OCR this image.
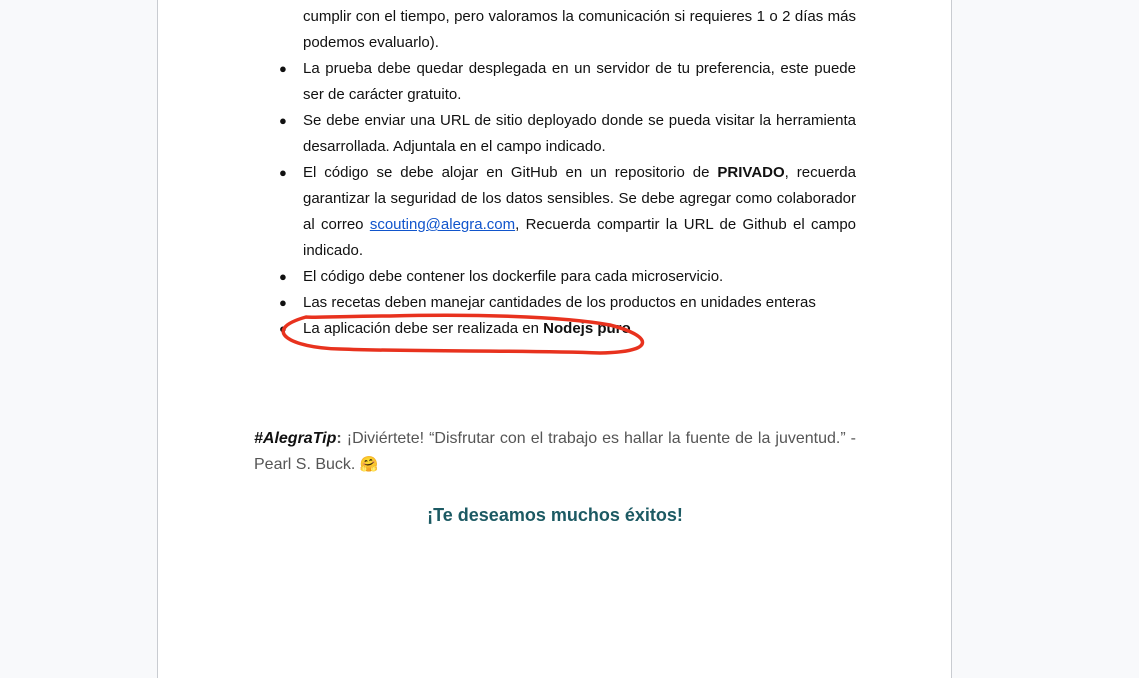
cumplir con el tiempo, pero valoramos la comunicación si requieres 1 o 2 días más podemos evaluarlo).
● La prueba debe quedar desplegada en un servidor de tu preferencia, este puede ser de carácter gratuito.
● Se debe enviar una URL de sitio deployado donde se pueda visitar la herramienta desarrollada. Adjuntala en el campo indicado.
● El código se debe alojar en GitHub en un repositorio de PRIVADO, recuerda garantizar la seguridad de los datos sensibles. Se debe agregar como colaborador al correo scouting@alegra.com, Recuerda compartir la URL de Github el campo indicado.
● El código debe contener los dockerfile para cada microservicio.
● Las recetas deben manejar cantidades de los productos en unidades enteras
● La aplicación debe ser realizada en Nodejs puro
#AlegraTip: ¡Diviértete! “Disfrutar con el trabajo es hallar la fuente de la juventud.” - Pearl S. Buck. 🤗
¡Te deseamos muchos éxitos!
